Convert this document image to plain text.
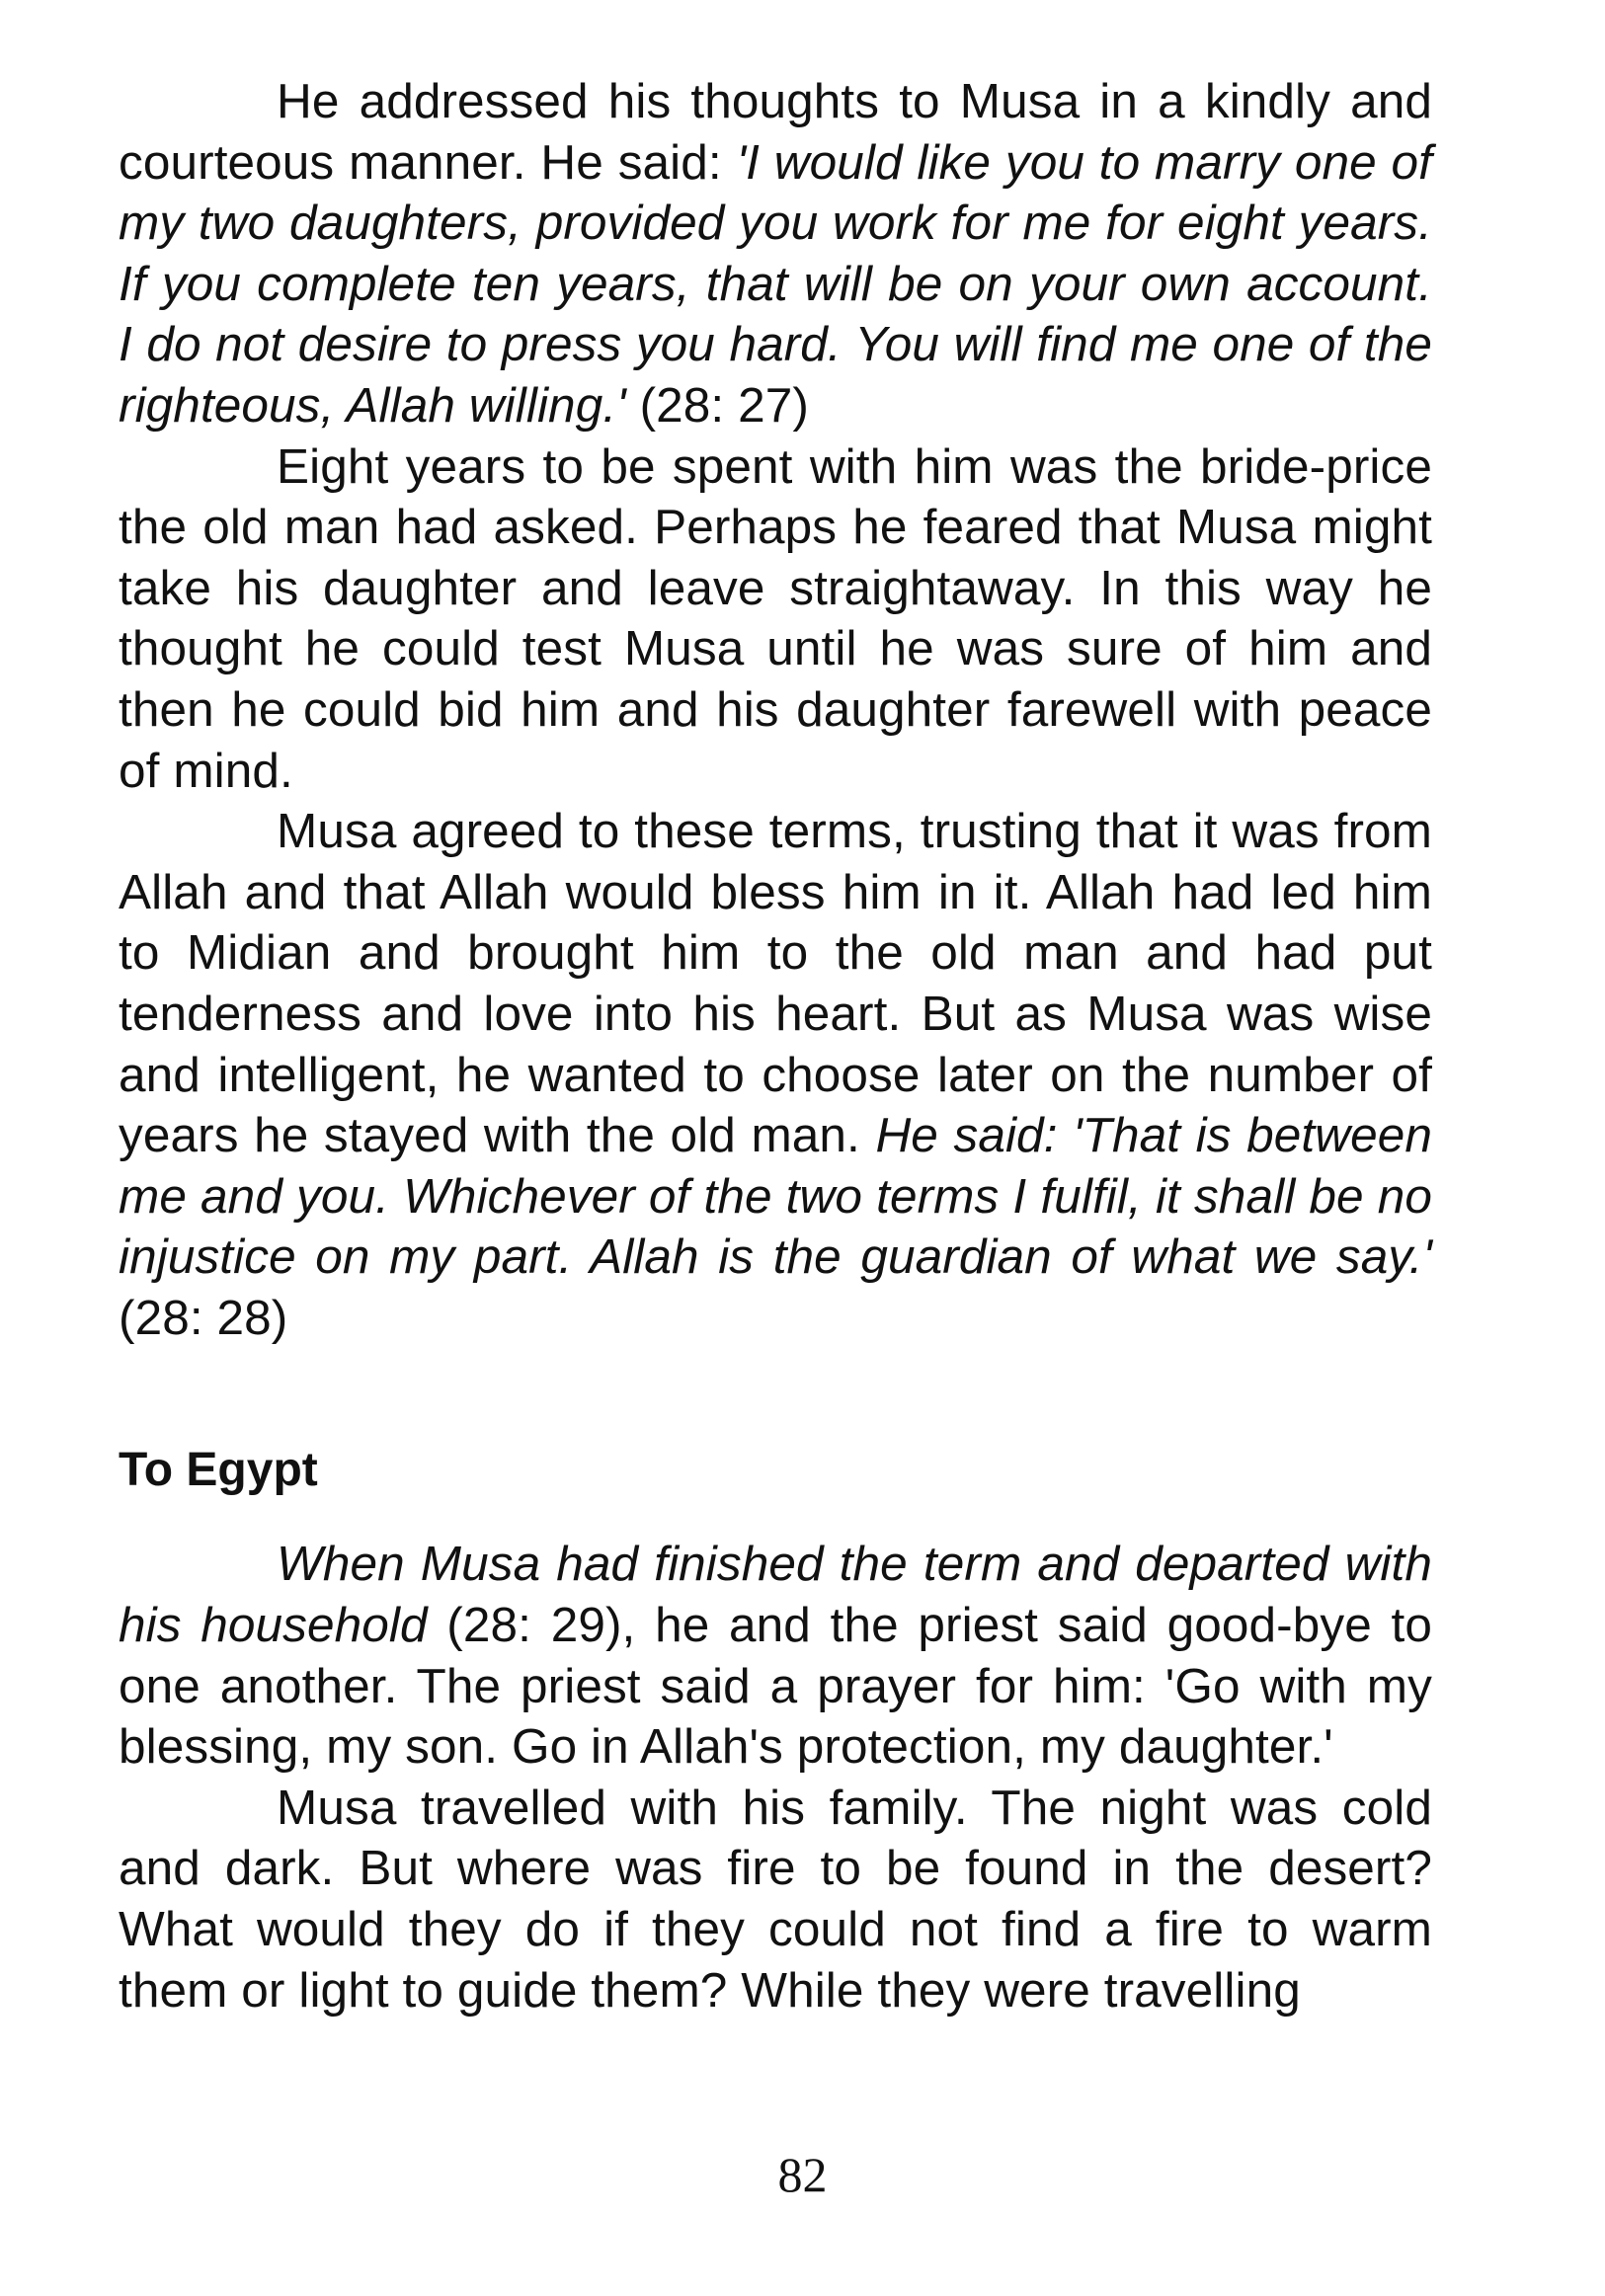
He addressed his thoughts to Musa in a kindly and courteous manner. He said: 'I would like you to marry one of my two daughters, provided you work for me for eight years. If you complete ten years, that will be on your own account. I do not desire to press you hard. You will find me one of the righteous, Allah willing.' (28: 27)

Eight years to be spent with him was the bride-price the old man had asked. Perhaps he feared that Musa might take his daughter and leave straightaway. In this way he thought he could test Musa until he was sure of him and then he could bid him and his daughter farewell with peace of mind.

Musa agreed to these terms, trusting that it was from Allah and that Allah would bless him in it. Allah had led him to Midian and brought him to the old man and had put tenderness and love into his heart. But as Musa was wise and intelligent, he wanted to choose later on the number of years he stayed with the old man. He said: 'That is between me and you. Whichever of the two terms I fulfil, it shall be no injustice on my part. Allah is the guardian of what we say.' (28: 28)

To Egypt

When Musa had finished the term and departed with his household (28: 29), he and the priest said good-bye to one another. The priest said a prayer for him: 'Go with my blessing, my son. Go in Allah's protection, my daughter.'

Musa travelled with his family. The night was cold and dark. But where was fire to be found in the desert? What would they do if they could not find a fire to warm them or light to guide them? While they were travelling

82
